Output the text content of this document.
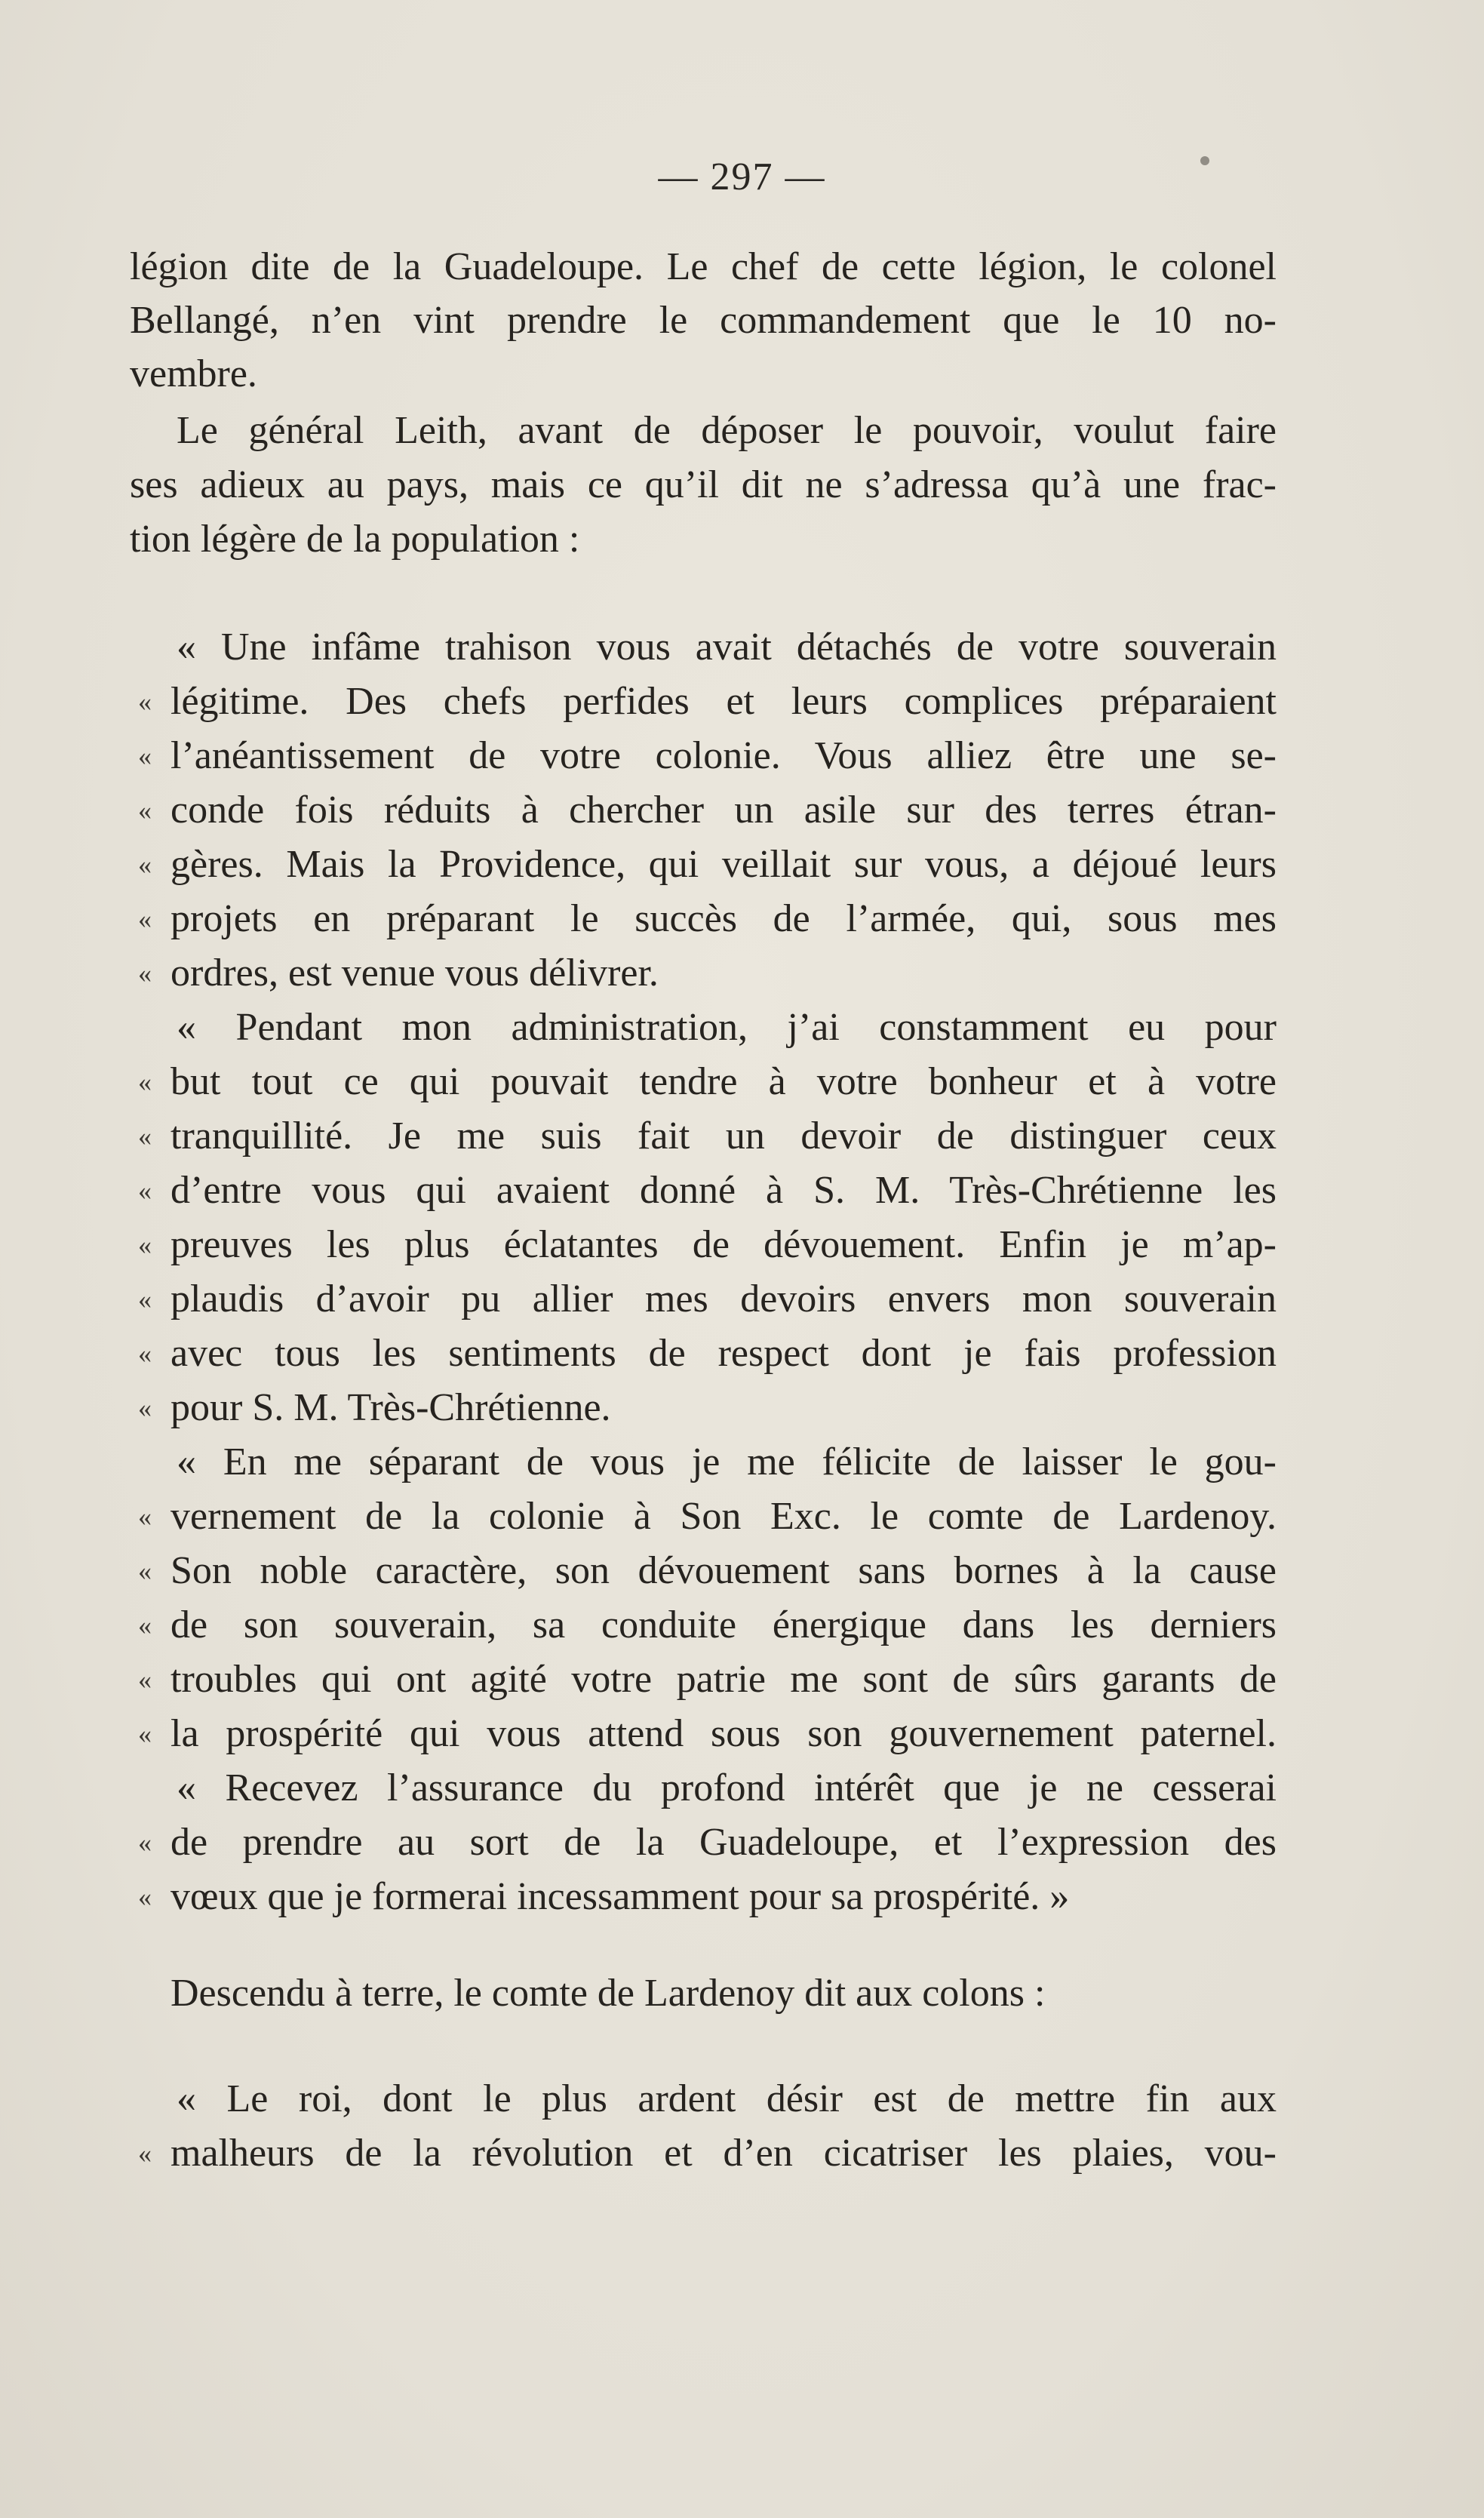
— 297 —
légion dite de la Guadeloupe. Le chef de cette légion, le colonel
Bellangé, n’en vint prendre le commandement que le 10 no-
vembre.
Le général Leith, avant de déposer le pouvoir, voulut faire
ses adieux au pays, mais ce qu’il dit ne s’adressa qu’à une frac-
tion légère de la population :
« Une infâme trahison vous avait détachés de votre souverain
« légitime. Des chefs perfides et leurs complices préparaient
« l’anéantissement de votre colonie. Vous alliez être une se-
« conde fois réduits à chercher un asile sur des terres étran-
« gères. Mais la Providence, qui veillait sur vous, a déjoué leurs
« projets en préparant le succès de l’armée, qui, sous mes
« ordres, est venue vous délivrer.
« Pendant mon administration, j’ai constamment eu pour
« but tout ce qui pouvait tendre à votre bonheur et à votre
« tranquillité. Je me suis fait un devoir de distinguer ceux
« d’entre vous qui avaient donné à S. M. Très-Chrétienne les
« preuves les plus éclatantes de dévouement. Enfin je m’ap-
« plaudis d’avoir pu allier mes devoirs envers mon souverain
« avec tous les sentiments de respect dont je fais profession
« pour S. M. Très-Chrétienne.
« En me séparant de vous je me félicite de laisser le gou-
« vernement de la colonie à Son Exc. le comte de Lardenoy.
« Son noble caractère, son dévouement sans bornes à la cause
« de son souverain, sa conduite énergique dans les derniers
« troubles qui ont agité votre patrie me sont de sûrs garants de
« la prospérité qui vous attend sous son gouvernement paternel.
« Recevez l’assurance du profond intérêt que je ne cesserai
« de prendre au sort de la Guadeloupe, et l’expression des
« vœux que je formerai incessamment pour sa prospérité. »
Descendu à terre, le comte de Lardenoy dit aux colons :
« Le roi, dont le plus ardent désir est de mettre fin aux
« malheurs de la révolution et d’en cicatriser les plaies, vou-
